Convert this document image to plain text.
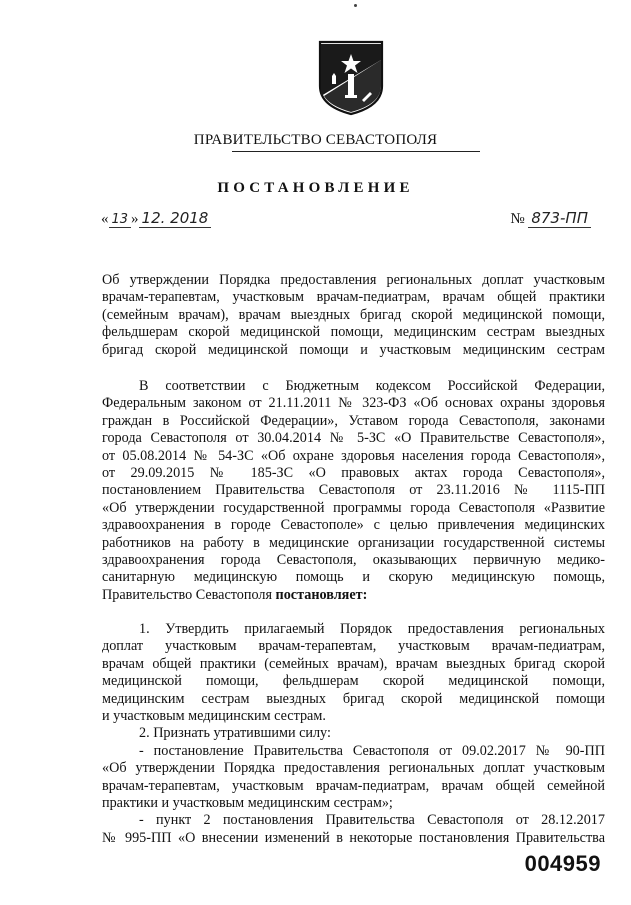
ПРАВИТЕЛЬСТВО СЕВАСТОПОЛЯ
ПОСТАНОВЛЕНИЕ
« 13 » 12. 2018	№ 873-ПП
Об утверждении Порядка предоставления региональных доплат участковым
врачам-терапевтам, участковым врачам-педиатрам, врачам общей практики
(семейным врачам), врачам выездных бригад скорой медицинской помощи,
фельдшерам скорой медицинской помощи, медицинским сестрам выездных
бригад скорой медицинской помощи и участковым медицинским сестрам
В соответствии с Бюджетным кодексом Российской Федерации,
Федеральным законом от 21.11.2011 № 323-ФЗ «Об основах охраны здоровья
граждан в Российской Федерации», Уставом города Севастополя, законами
города Севастополя от 30.04.2014 № 5-ЗС «О Правительстве Севастополя»,
от 05.08.2014 № 54-ЗС «Об охране здоровья населения города Севастополя»,
от 29.09.2015 № 185-ЗС «О правовых актах города Севастополя»,
постановлением Правительства Севастополя от 23.11.2016 № 1115-ПП
«Об утверждении государственной программы города Севастополя «Развитие
здравоохранения в городе Севастополе» с целью привлечения медицинских
работников на работу в медицинские организации государственной системы
здравоохранения города Севастополя, оказывающих первичную медико-
санитарную медицинскую помощь и скорую медицинскую помощь,
Правительство Севастополя постановляет:
1. Утвердить прилагаемый Порядок предоставления региональных
доплат участковым врачам-терапевтам, участковым врачам-педиатрам,
врачам общей практики (семейных врачам), врачам выездных бригад скорой
медицинской помощи, фельдшерам скорой медицинской помощи,
медицинским сестрам выездных бригад скорой медицинской помощи
и участковым медицинским сестрам.
2. Признать утратившими силу:
- постановление Правительства Севастополя от 09.02.2017 № 90-ПП
«Об утверждении Порядка предоставления региональных доплат участковым
врачам-терапевтам, участковым врачам-педиатрам, врачам общей семейной
практики и участковым медицинским сестрам»;
- пункт 2 постановления Правительства Севастополя от 28.12.2017
№ 995-ПП «О внесении изменений в некоторые постановления Правительства
004959
